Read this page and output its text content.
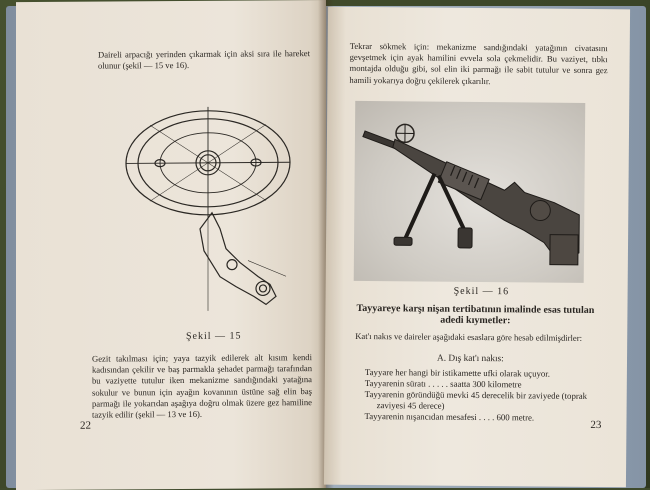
Daireli arpacığı yerinden çıkarmak için aksi sıra ile hareket olunur (şekil — 15 ve 16).
Şekil — 15
Gezit takılması için; yaya tazyik edilerek alt kısım kendi kadısından çekilir ve baş parmakla şehadet parmağı tarafından bu vaziyette tutulur iken mekanizme sandığındaki yatağına sokulur ve bunun için ayağın kovanının üstüne sağ elin baş parmağı ile yokarıdan aşağıya doğru olmak üzere gez hamiline tazyik edilir (şekil — 13 ve 16).
22
Tekrar sökmek için: mekanizme sandığındaki yatağının civatasını gevşetmek için ayak hamilini evvela sola çekmelidir. Bu vaziyet, tıbkı montajda olduğu gibi, sol elin iki parmağı ile sabit tutulur ve sonra gez hamili yokarıya doğru çekilerek çıkarılır.
Şekil — 16
Tayyareye karşı nişan tertibatının imalinde esas tutulan adedi kıymetler:
Kat'ı nakıs ve daireler aşağıdaki esaslara göre hesab edilmişdirler:
A. Dış kat'ı nakıs:
Tayyare her hangi bir istikamette ufki olarak uçuyor.
Tayyarenin süratı . . . . . saatta 300 kilometre
Tayyarenin göründüğü mevki 45 derecelik bir zaviyede (toprak
zaviyesi 45 derece)
Tayyarenin nışancıdan mesafesi . . . . 600 metre.
23
